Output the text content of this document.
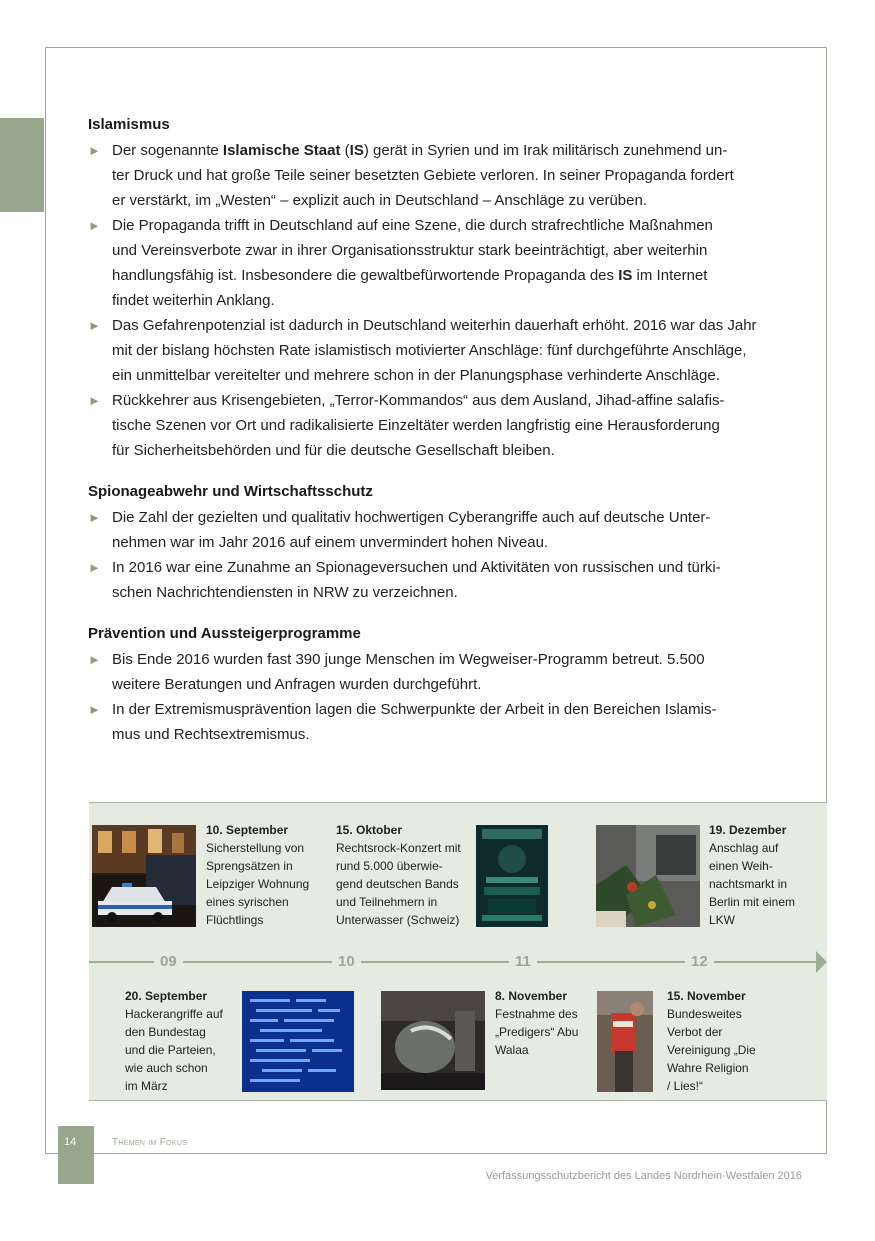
Islamismus
► Der sogenannte Islamische Staat (IS) gerät in Syrien und im Irak militärisch zunehmend un-
ter Druck und hat große Teile seiner besetzten Gebiete verloren. In seiner Propaganda fordert
er verstärkt, im „Westen“ – explizit auch in Deutschland – Anschläge zu verüben.
► Die Propaganda trifft in Deutschland auf eine Szene, die durch strafrechtliche Maßnahmen
und Vereinsverbote zwar in ihrer Organisationsstruktur stark beeinträchtigt, aber weiterhin
handlungsfähig ist. Insbesondere die gewaltbefürwortende Propaganda des IS im Internet
findet weiterhin Anklang.
► Das Gefahrenpotenzial ist dadurch in Deutschland weiterhin dauerhaft erhöht. 2016 war das Jahr
mit der bislang höchsten Rate islamistisch motivierter Anschläge: fünf durchgeführte Anschläge,
ein unmittelbar vereitelter und mehrere schon in der Planungsphase verhinderte Anschläge.
► Rückkehrer aus Krisengebieten, „Terror-Kommandos“ aus dem Ausland, Jihad-affine salafis-
tische Szenen vor Ort und radikalisierte Einzeltäter werden langfristig eine Herausforderung
für Sicherheitsbehörden und für die deutsche Gesellschaft bleiben.
Spionageabwehr und Wirtschaftsschutz
► Die Zahl der gezielten und qualitativ hochwertigen Cyberangriffe auch auf deutsche Unter-
nehmen war im Jahr 2016 auf einem unvermindert hohen Niveau.
► In 2016 war eine Zunahme an Spionageversuchen und Aktivitäten von russischen und türki-
schen Nachrichtendiensten in NRW zu verzeichnen.
Prävention und Aussteigerprogramme
► Bis Ende 2016 wurden fast 390 junge Menschen im Wegweiser-Programm betreut. 5.500
weitere Beratungen und Anfragen wurden durchgeführt.
► In der Extremismusprävention lagen die Schwerpunkte der Arbeit in den Bereichen Islamis-
mus und Rechtsextremismus.
09	10	11	12
10. September
Sicherstellung von
Sprengsätzen in
Leipziger Wohnung
eines syrischen
Flüchtlings
15. Oktober
Rechtsrock-Konzert mit
rund 5.000 überwie-
gend deutschen Bands
und Teilnehmern in
Unterwasser (Schweiz)
19. Dezember
Anschlag auf
einen Weih-
nachtsmarkt in
Berlin mit einem
LKW
20. September
Hackerangriffe auf
den Bundestag
und die Parteien,
wie auch schon
im März
8. November
Festnahme des
„Predigers“ Abu
Walaa
15. November
Bundesweites
Verbot der
Vereinigung „Die
Wahre Religion
/ Lies!“
14	Themen im Fokus
Verfassungsschutzbericht des Landes Nordrhein-Westfalen 2016
